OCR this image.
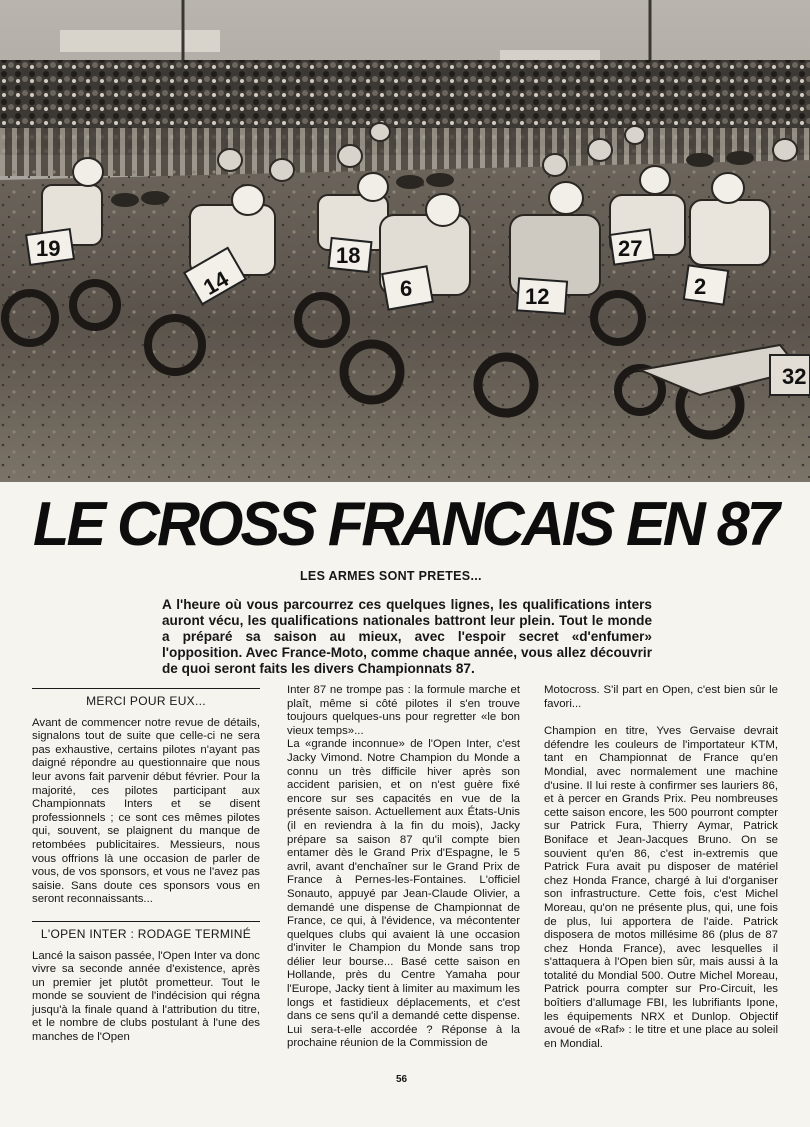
19
14
18
6	12
27
2
32
LE CROSS FRANCAIS EN 87
LES ARMES SONT PRETES...
A l'heure où vous parcourrez ces quelques lignes, les qualifications inters auront vécu, les qualifications nationales battront leur plein. Tout le monde a préparé sa saison au mieux, avec l'espoir secret «d'enfumer» l'opposition. Avec France-Moto, comme chaque année, vous allez découvrir de quoi seront faits les divers Championnats 87.
MERCI POUR EUX...

Avant de commencer notre revue de détails, signalons tout de suite que celle-ci ne sera pas exhaustive, certains pilotes n'ayant pas daigné répondre au questionnaire que nous leur avons fait parvenir début février. Pour la majorité, ces pilotes participant aux Championnats Inters et se disent professionnels ; ce sont ces mêmes pilotes qui, souvent, se plaignent du manque de retombées publicitaires. Messieurs, nous vous offrions là une occasion de parler de vous, de vos sponsors, et vous ne l'avez pas saisie. Sans doute ces sponsors vous en seront reconnaissants...

L'OPEN INTER : RODAGE TERMINÉ

Lancé la saison passée, l'Open Inter va donc vivre sa seconde année d'existence, après un premier jet plutôt prometteur. Tout le monde se souvient de l'indécision qui régna jusqu'à la finale quand à l'attribution du titre, et le nombre de clubs postulant à l'une des manches de l'Open

Inter 87 ne trompe pas : la formule marche et plaît, même si côté pilotes il s'en trouve toujours quelques-uns pour regretter «le bon vieux temps»...

La «grande inconnue» de l'Open Inter, c'est Jacky Vimond. Notre Champion du Monde a connu un très difficile hiver après son accident parisien, et on n'est guère fixé encore sur ses capacités en vue de la présente saison. Actuellement aux États-Unis (il en reviendra à la fin du mois), Jacky prépare sa saison 87 qu'il compte bien entamer dès le Grand Prix d'Espagne, le 5 avril, avant d'enchaîner sur le Grand Prix de France à Pernes-les-Fontaines. L'officiel Sonauto, appuyé par Jean-Claude Olivier, a demandé une dispense de Championnat de France, ce qui, à l'évidence, va mécontenter quelques clubs qui avaient là une occasion d'inviter le Champion du Monde sans trop délier leur bourse... Basé cette saison en Hollande, près du Centre Yamaha pour l'Europe, Jacky tient à limiter au maximum les longs et fastidieux déplacements, et c'est dans ce sens qu'il a demandé cette dispense. Lui sera-t-elle accordée ? Réponse à la prochaine réunion de la Commission de

Motocross. S'il part en Open, c'est bien sûr le favori...

Champion en titre, Yves Gervaise devrait défendre les couleurs de l'importateur KTM, tant en Championnat de France qu'en Mondial, avec normalement une machine d'usine. Il lui reste à confirmer ses lauriers 86, et à percer en Grands Prix. Peu nombreuses cette saison encore, les 500 pourront compter sur Patrick Fura, Thierry Aymar, Patrick Boniface et Jean-Jacques Bruno. On se souvient qu'en 86, c'est in-extremis que Patrick Fura avait pu disposer de matériel chez Honda France, chargé à lui d'organiser son infrastructure. Cette fois, c'est Michel Moreau, qu'on ne présente plus, qui, une fois de plus, lui apportera de l'aide. Patrick disposera de motos millésime 86 (plus de 87 chez Honda France), avec lesquelles il s'attaquera à l'Open bien sûr, mais aussi à la totalité du Mondial 500. Outre Michel Moreau, Patrick pourra compter sur Pro-Circuit, les boîtiers d'allumage FBI, les lubrifiants Ipone, les équipements NRX et Dunlop. Objectif avoué de «Raf» : le titre et une place au soleil en Mondial.

56
